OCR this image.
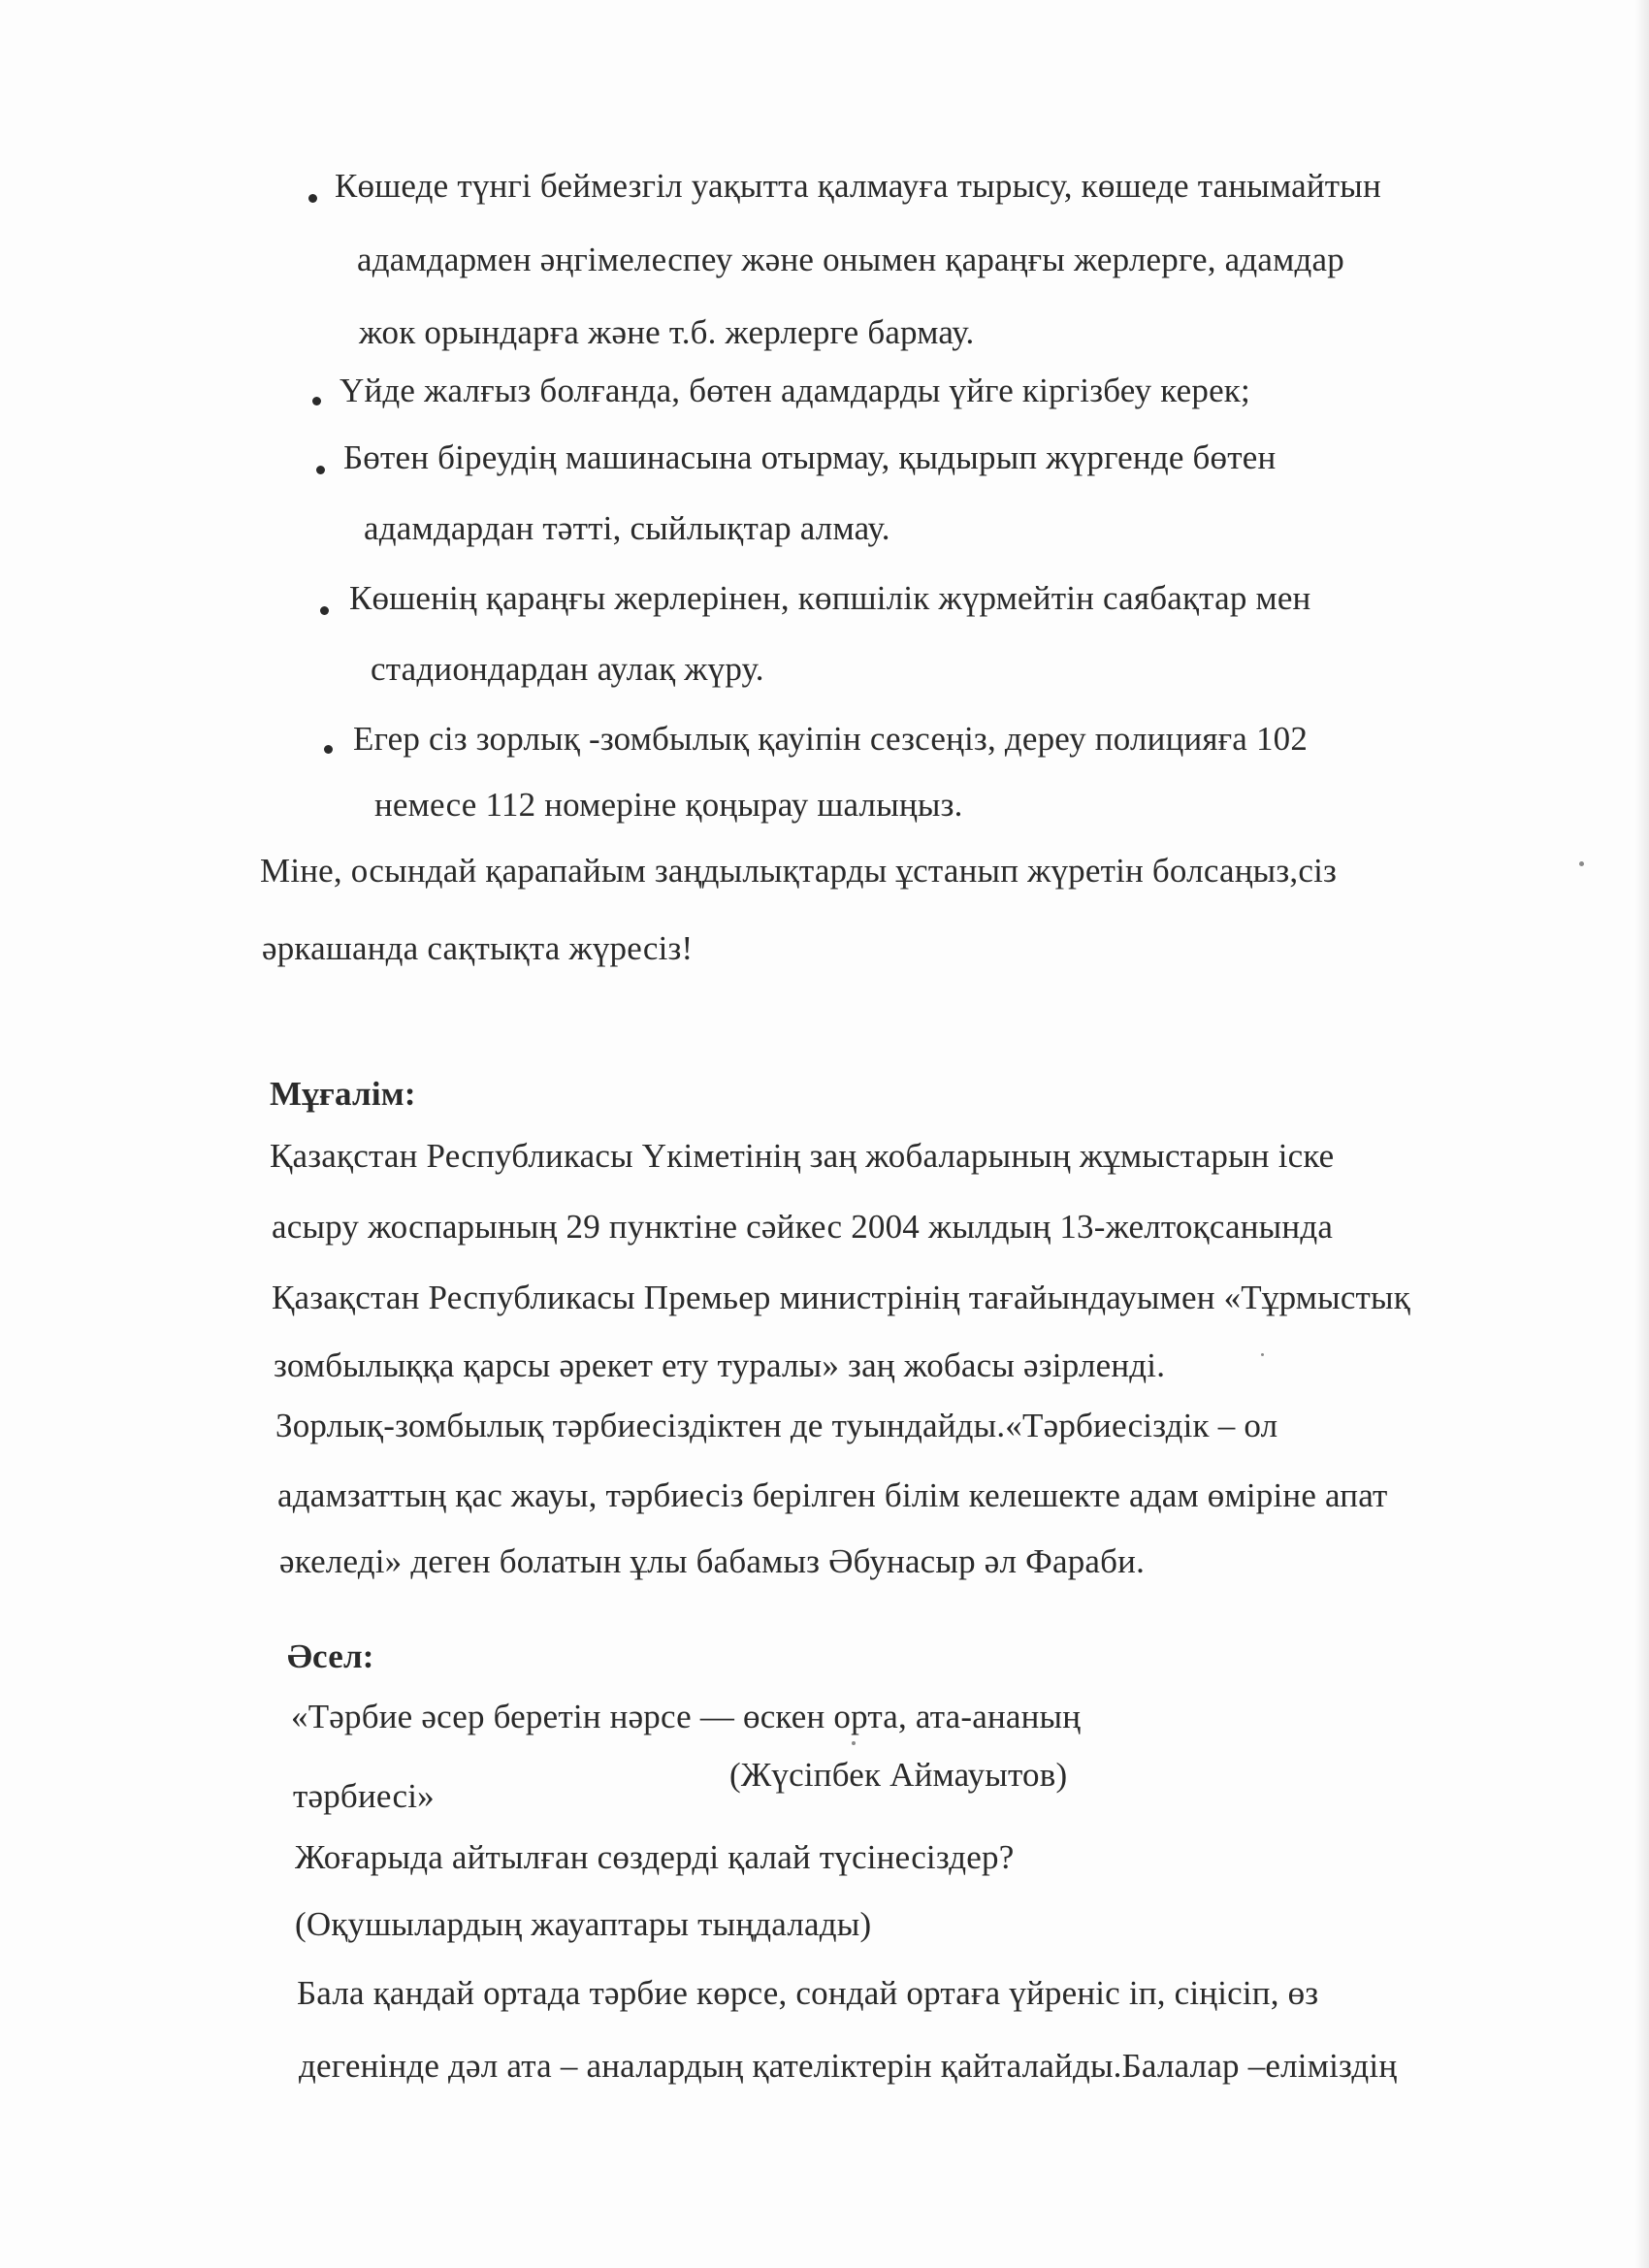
Көшеде түнгі беймезгіл уақытта қалмауға тырысу, көшеде танымайтын
адамдармен әңгімелеспеу және онымен қараңғы жерлерге, адамдар
жок орындарға және т.б. жерлерге бармау.
Үйде жалғыз болғанда, бөтен адамдарды үйге кіргізбеу керек;
Бөтен біреудің машинасына отырмау, қыдырып жүргенде бөтен
адамдардан тәтті, сыйлықтар алмау.
Көшенің қараңғы жерлерінен, көпшілік жүрмейтін саябақтар мен
стадиондардан аулақ жүру.
Егер сіз зорлық -зомбылық қауіпін сезсеңіз, дереу полицияға 102
немесе 112 номеріне қоңырау шалыңыз.
Міне, осындай қарапайым заңдылықтарды ұстанып жүретін болсаңыз,сіз
әркашанда сақтықта жүресіз!
Мұғалім:
Қазақстан Республикасы Үкіметінің заң жобаларының жұмыстарын іске
асыру жоспарының 29 пунктіне сәйкес 2004 жылдың 13-желтоқсанында
Қазақстан Республикасы Премьер министрінің тағайындауымен «Тұрмыстық
зомбылыққа қарсы әрекет ету туралы» заң жобасы әзірленді.
Зорлық-зомбылық тәрбиесіздіктен де туындайды.«Тәрбиесіздік – ол
адамзаттың қас жауы, тәрбиесіз берілген білім келешекте адам өміріне апат
әкеледі» деген болатын ұлы бабамыз Әбунасыр әл Фараби.
Әсел:
«Тәрбие әсер беретін нәрсе — өскен орта, ата-ананың
тәрбиесі»
(Жүсіпбек Аймауытов)
Жоғарыда айтылған сөздерді қалай түсінесіздер?
(Оқушылардың жауаптары тыңдалады)
Бала қандай ортада тәрбие көрсе, сондай ортаға үйреніс іп, сіңісіп, өз
дегенінде дәл ата – аналардың қателіктерін қайталайды.Балалар –еліміздің
